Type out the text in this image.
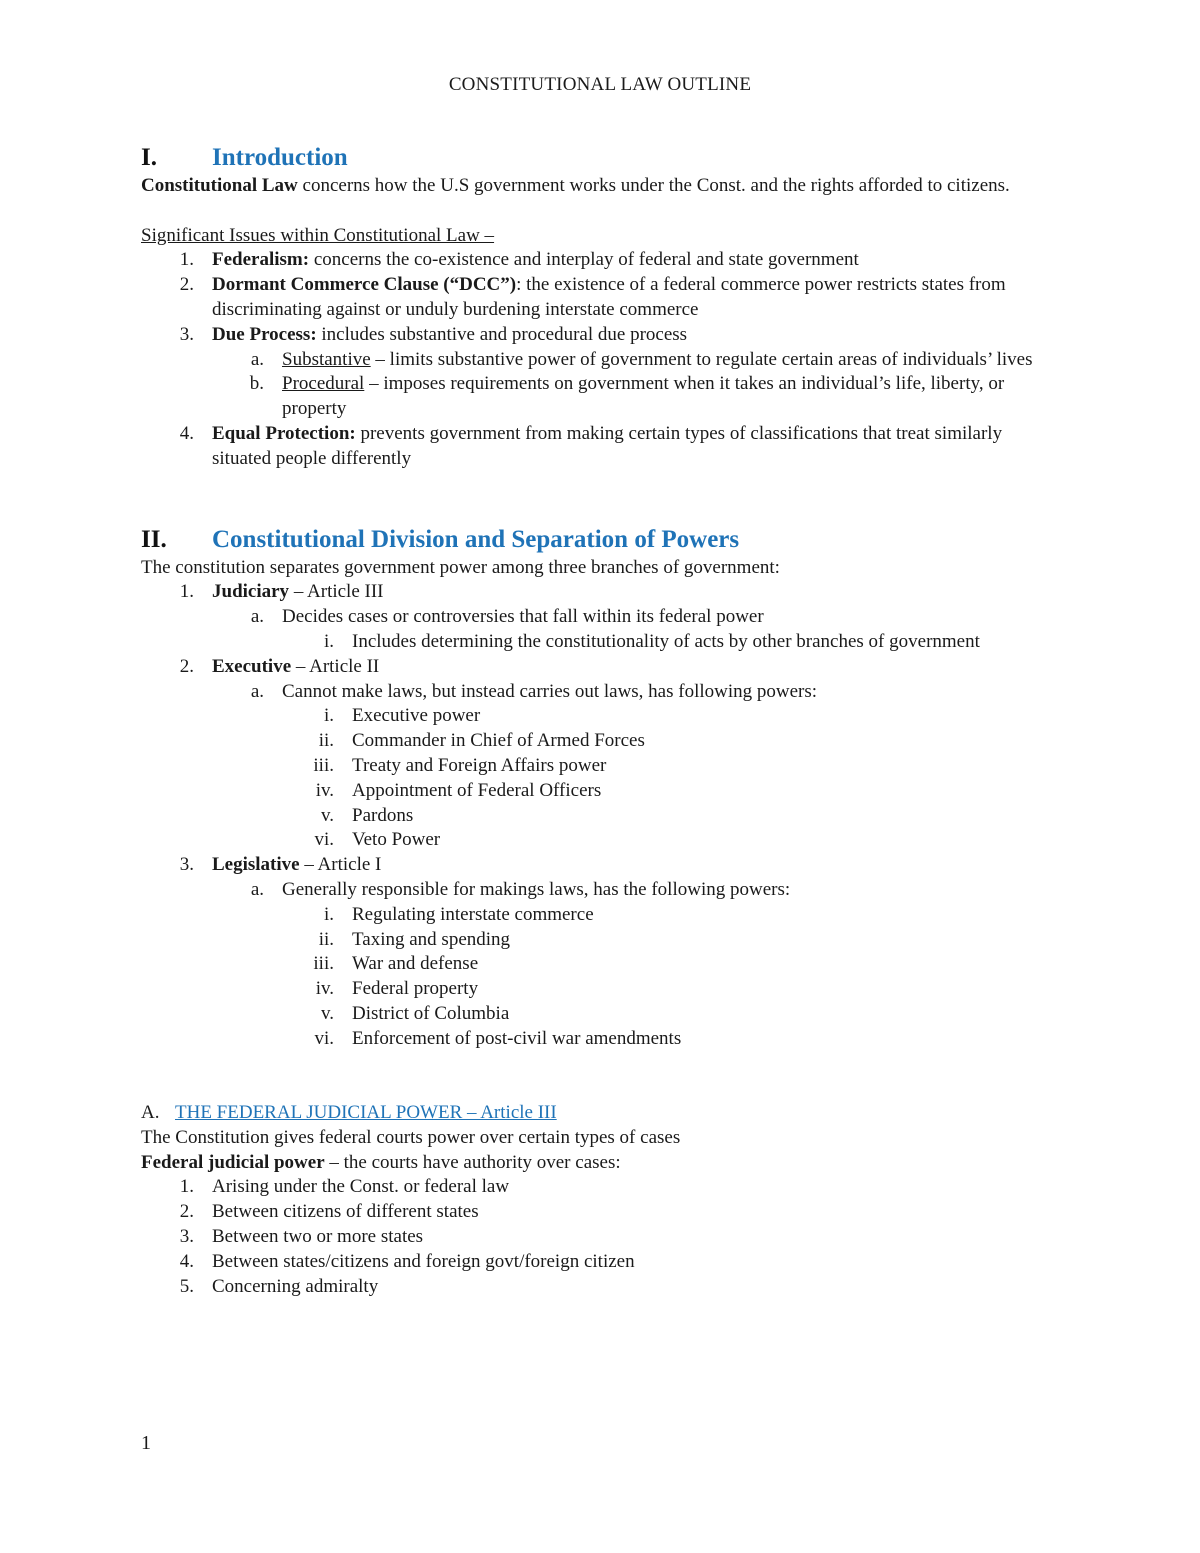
CONSTITUTIONAL LAW OUTLINE
I.	Introduction

Constitutional Law concerns how the U.S government works under the Const. and the rights afforded to citizens.

Significant Issues within Constitutional Law –

1. Federalism: concerns the co-existence and interplay of federal and state government
2. Dormant Commerce Clause (“DCC”): the existence of a federal commerce power restricts states from discriminating against or unduly burdening interstate commerce
3. Due Process: includes substantive and procedural due process
a. Substantive – limits substantive power of government to regulate certain areas of individuals’ lives
b. Procedural – imposes requirements on government when it takes an individual’s life, liberty, or property
4. Equal Protection: prevents government from making certain types of classifications that treat similarly situated people differently
II.	Constitutional Division and Separation of Powers

The constitution separates government power among three branches of government:

1. Judiciary – Article III
a. Decides cases or controversies that fall within its federal power
i. Includes determining the constitutionality of acts by other branches of government
2. Executive – Article II
a. Cannot make laws, but instead carries out laws, has following powers:
i. Executive power
ii. Commander in Chief of Armed Forces
iii. Treaty and Foreign Affairs power
iv. Appointment of Federal Officers
v. Pardons
vi. Veto Power
3. Legislative – Article I
a. Generally responsible for makings laws, has the following powers:
i. Regulating interstate commerce
ii. Taxing and spending
iii. War and defense
iv. Federal property
v. District of Columbia
vi. Enforcement of post-civil war amendments
A. THE FEDERAL JUDICIAL POWER – Article III

The Constitution gives federal courts power over certain types of cases

Federal judicial power – the courts have authority over cases:

1. Arising under the Const. or federal law
2. Between citizens of different states
3. Between two or more states
4. Between states/citizens and foreign govt/foreign citizen
5. Concerning admiralty
1
